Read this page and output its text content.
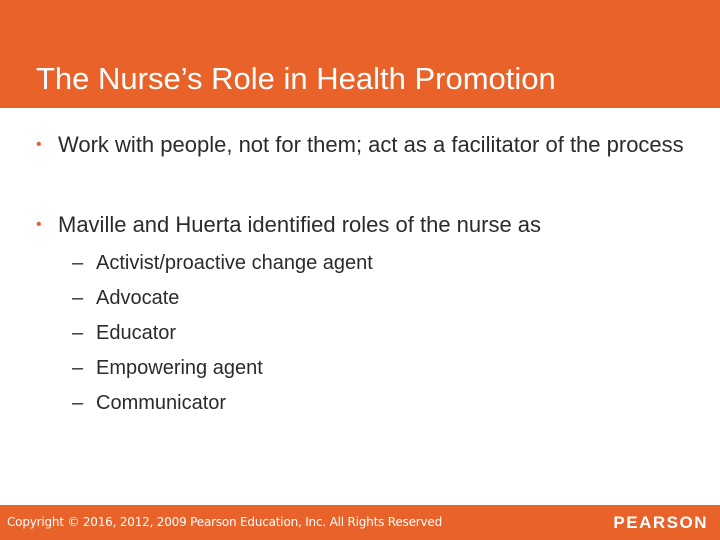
The Nurse’s Role in Health Promotion
• Work with people, not for them; act as a facilitator of the process
• Maville and Huerta identified roles of the nurse as
– Activist/proactive change agent
– Advocate
– Educator
– Empowering agent
– Communicator
Copyright © 2016, 2012, 2009 Pearson Education, Inc. All Rights Reserved	PEARSON
